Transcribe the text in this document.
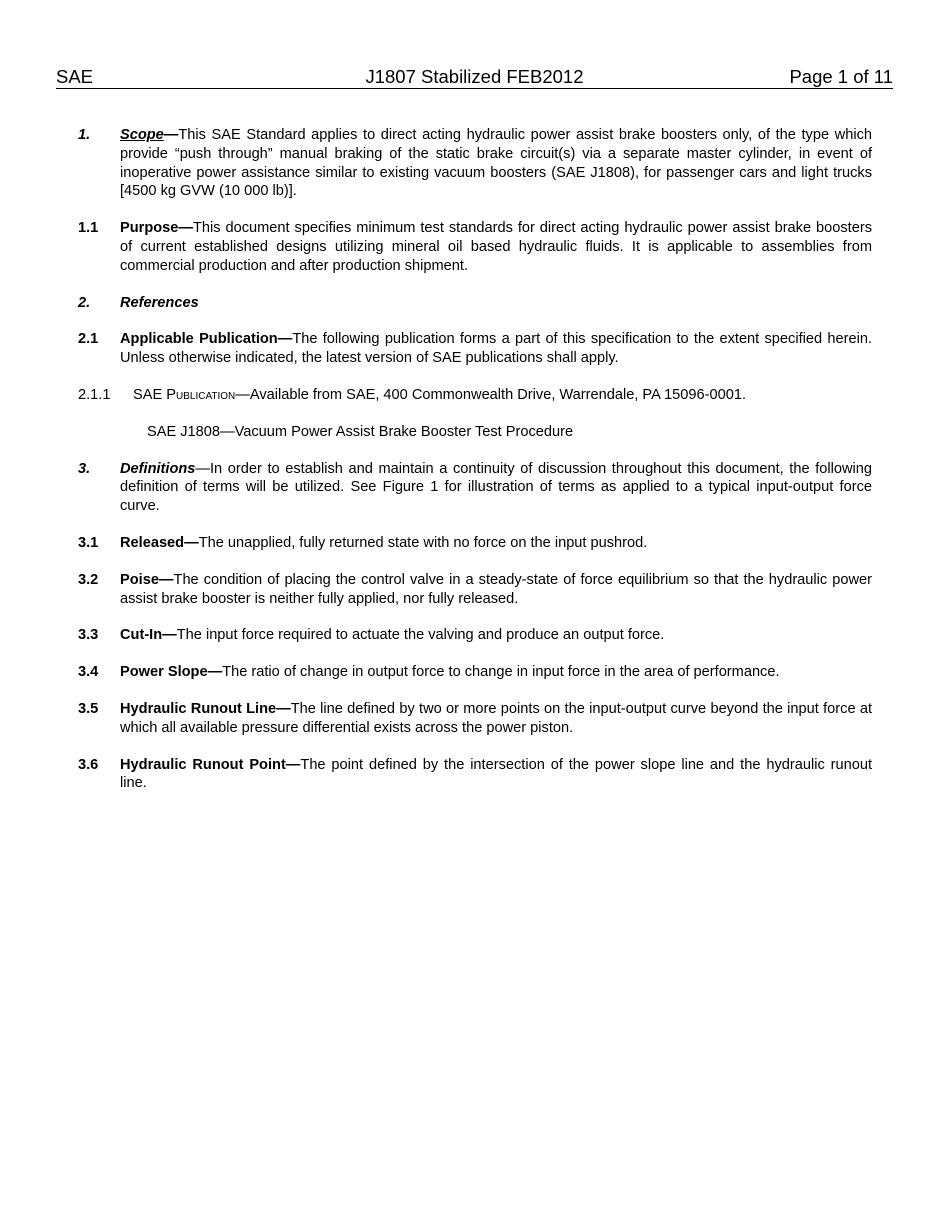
SAE	J1807 Stabilized FEB2012	Page 1 of 11
1. Scope—This SAE Standard applies to direct acting hydraulic power assist brake boosters only, of the type which provide “push through” manual braking of the static brake circuit(s) via a separate master cylinder, in event of inoperative power assistance similar to existing vacuum boosters (SAE J1808), for passenger cars and light trucks [4500 kg GVW (10 000 lb)].
1.1 Purpose—This document specifies minimum test standards for direct acting hydraulic power assist brake boosters of current established designs utilizing mineral oil based hydraulic fluids. It is applicable to assemblies from commercial production and after production shipment.
2. References
2.1 Applicable Publication—The following publication forms a part of this specification to the extent specified herein. Unless otherwise indicated, the latest version of SAE publications shall apply.
2.1.1 SAE Publication—Available from SAE, 400 Commonwealth Drive, Warrendale, PA 15096-0001.
SAE J1808—Vacuum Power Assist Brake Booster Test Procedure
3. Definitions—In order to establish and maintain a continuity of discussion throughout this document, the following definition of terms will be utilized. See Figure 1 for illustration of terms as applied to a typical input-output force curve.
3.1 Released—The unapplied, fully returned state with no force on the input pushrod.
3.2 Poise—The condition of placing the control valve in a steady-state of force equilibrium so that the hydraulic power assist brake booster is neither fully applied, nor fully released.
3.3 Cut-In—The input force required to actuate the valving and produce an output force.
3.4 Power Slope—The ratio of change in output force to change in input force in the area of performance.
3.5 Hydraulic Runout Line—The line defined by two or more points on the input-output curve beyond the input force at which all available pressure differential exists across the power piston.
3.6 Hydraulic Runout Point—The point defined by the intersection of the power slope line and the hydraulic runout line.
